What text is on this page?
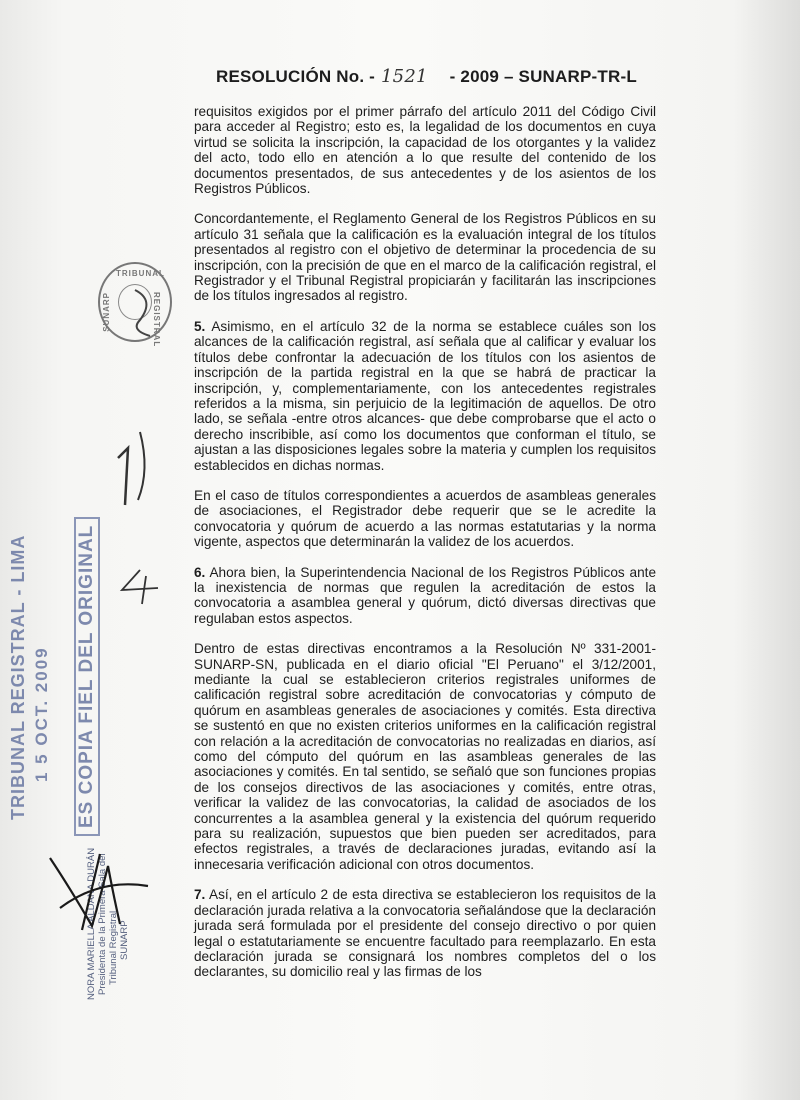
RESOLUCIÓN No. - 1521 - 2009 – SUNARP-TR-L

requisitos exigidos por el primer párrafo del artículo 2011 del Código Civil para acceder al Registro; esto es, la legalidad de los documentos en cuya virtud se solicita la inscripción, la capacidad de los otorgantes y la validez del acto, todo ello en atención a lo que resulte del contenido de los documentos presentados, de sus antecedentes y de los asientos de los Registros Públicos.

Concordantemente, el Reglamento General de los Registros Públicos en su artículo 31 señala que la calificación es la evaluación integral de los títulos presentados al registro con el objetivo de determinar la procedencia de su inscripción, con la precisión de que en el marco de la calificación registral, el Registrador y el Tribunal Registral propiciarán y facilitarán las inscripciones de los títulos ingresados al registro.

5. Asimismo, en el artículo 32 de la norma se establece cuáles son los alcances de la calificación registral, así señala que al calificar y evaluar los títulos debe confrontar la adecuación de los títulos con los asientos de inscripción de la partida registral en la que se habrá de practicar la inscripción, y, complementariamente, con los antecedentes registrales referidos a la misma, sin perjuicio de la legitimación de aquellos. De otro lado, se señala -entre otros alcances- que debe comprobarse que el acto o derecho inscribible, así como los documentos que conforman el título, se ajustan a las disposiciones legales sobre la materia y cumplen los requisitos establecidos en dichas normas.

En el caso de títulos correspondientes a acuerdos de asambleas generales de asociaciones, el Registrador debe requerir que se le acredite la convocatoria y quórum de acuerdo a las normas estatutarias y la norma vigente, aspectos que determinarán la validez de los acuerdos.

6. Ahora bien, la Superintendencia Nacional de los Registros Públicos ante la inexistencia de normas que regulen la acreditación de estos la convocatoria a asamblea general y quórum, dictó diversas directivas que regulaban estos aspectos.

Dentro de estas directivas encontramos a la Resolución Nº 331-2001-SUNARP-SN, publicada en el diario oficial "El Peruano" el 3/12/2001, mediante la cual se establecieron criterios registrales uniformes de calificación registral sobre acreditación de convocatorias y cómputo de quórum en asambleas generales de asociaciones y comités. Esta directiva se sustentó en que no existen criterios uniformes en la calificación registral con relación a la acreditación de convocatorias no realizadas en diarios, así como del cómputo del quórum en las asambleas generales de las asociaciones y comités. En tal sentido, se señaló que son funciones propias de los consejos directivos de las asociaciones y comités, entre otras, verificar la validez de las convocatorias, la calidad de asociados de los concurrentes a la asamblea general y la existencia del quórum requerido para su realización, supuestos que bien pueden ser acreditados, para efectos registrales, a través de declaraciones juradas, evitando así la innecesaria verificación adicional con otros documentos.

7. Así, en el artículo 2 de esta directiva se establecieron los requisitos de la declaración jurada relativa a la convocatoria señalándose que la declaración jurada será formulada por el presidente del consejo directivo o por quien legal o estatutariamente se encuentre facultado para reemplazarlo. En esta declaración jurada se consignará los nombres completos del o los declarantes, su domicilio real y las firmas de los

TRIBUNAL
REGISTRAL
SUNARP
TRIBUNAL REGISTRAL - LIMA 1 5 OCT. 2009 ES COPIA FIEL DEL ORIGINAL
NORA MARIELLA ALDANA DURÁN Presidenta de la Primera Sala del Tribunal Registral SUNARP
